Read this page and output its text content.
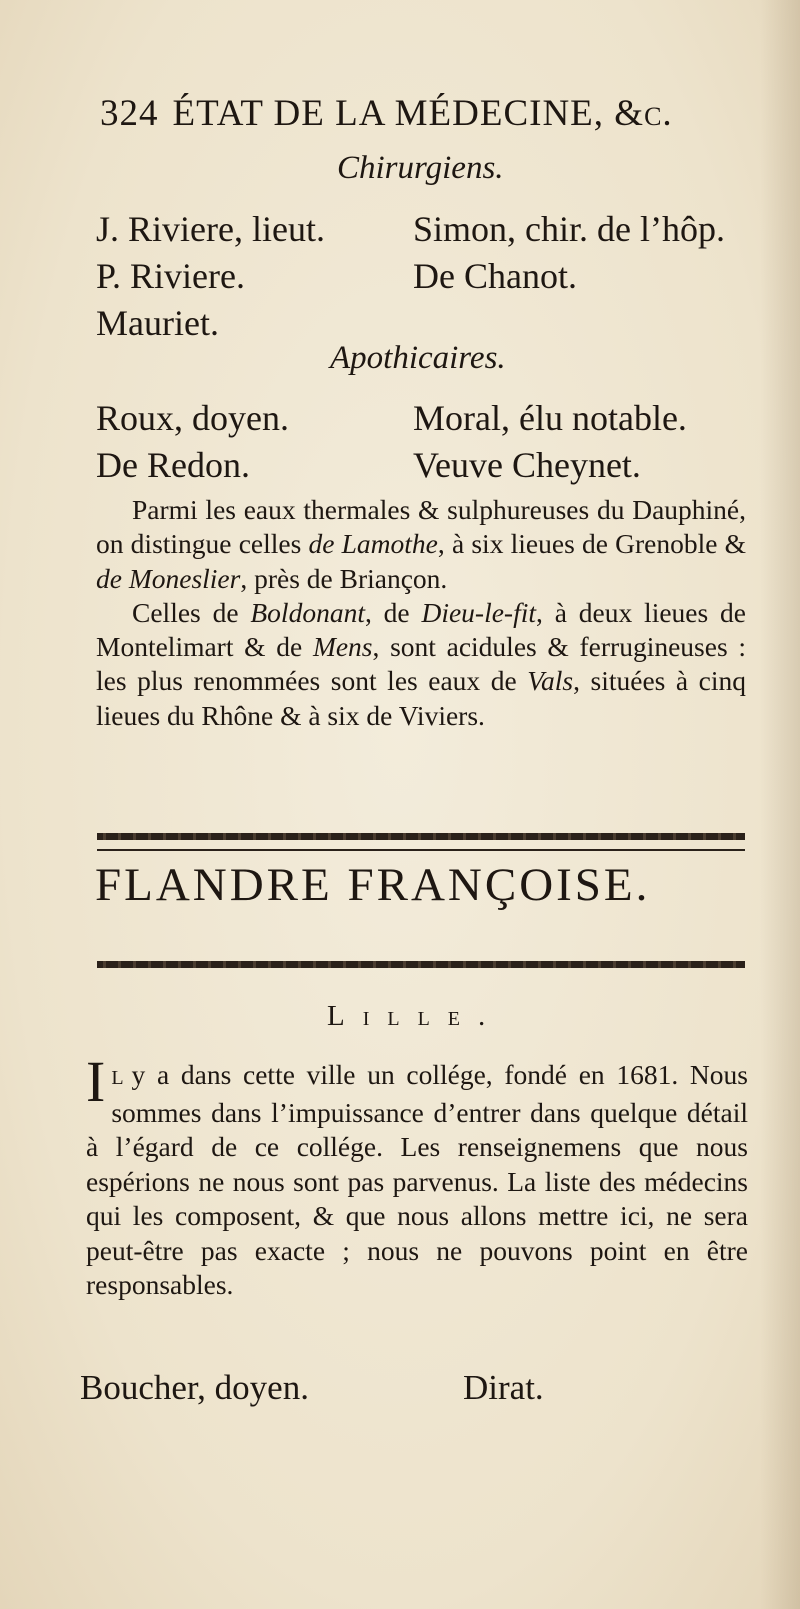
324 ÉTAT DE LA MÉDECINE, &c.
Chirurgiens.
J. Riviere, lieut.
P. Riviere.
Mauriet.
Simon, chir. de l’hôp.
De Chanot.
Apothicaires.
Roux, doyen.
De Redon.
Moral, élu notable.
Veuve Cheynet.

Parmi les eaux thermales & sulphureuses du Dauphiné, on distingue celles de Lamothe, à six lieues de Grenoble & de Moneslier, près de Briançon.

Celles de Boldonant, de Dieu-le-fit, à deux lieues de Montelimart & de Mens, sont acidules & ferrugineuses : les plus renommées sont les eaux de Vals, situées à cinq lieues du Rhône & à six de Viviers.

FLANDRE FRANÇOISE.
Lille.

I L y a dans cette ville un collége, fondé en 1681. Nous sommes dans l’impuissance d’entrer dans quelque détail à l’égard de ce collége. Les renseignemens que nous espérions ne nous sont pas parvenus. La liste des médecins qui les composent, & que nous allons mettre ici, ne sera peut-être pas exacte ; nous ne pouvons point en être responsables.

Boucher, doyen.	Dirat.
